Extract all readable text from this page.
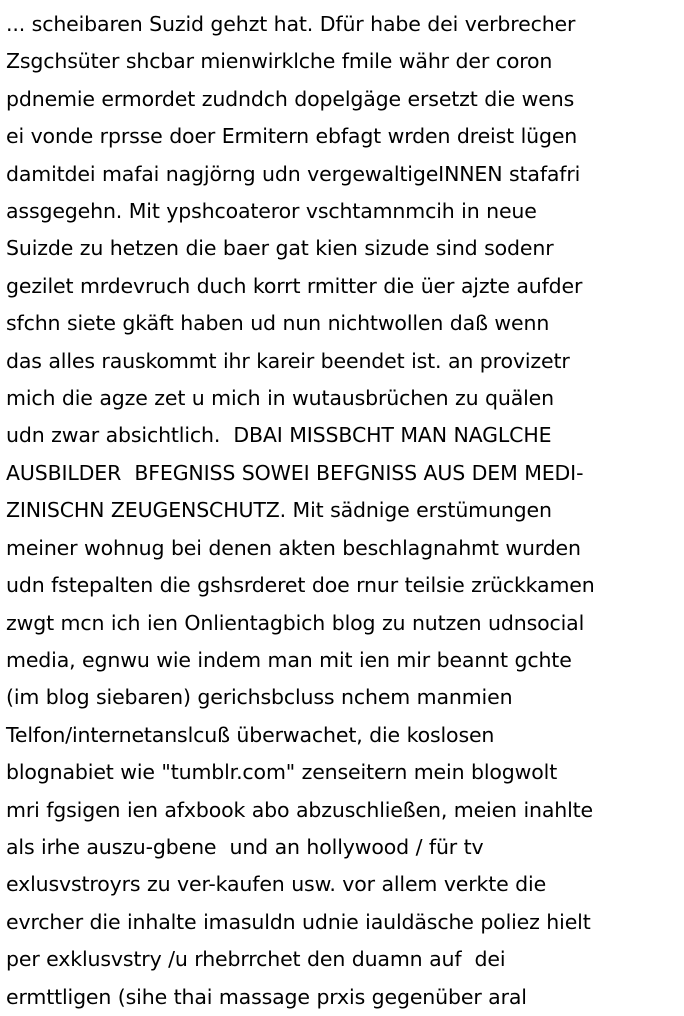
... scheibaren Suzid gehzt hat. Dfür habe dei verbrecher
Zsgchsüter shcbar mienwirklche fmile währ der coron
pdnemie ermordet zudndch dopelgäge ersetzt die wens
ei vonde rprsse doer Ermitern ebfagt wrden dreist lügen
damitdei mafai nagjörng udn vergewaltigeINNEN stafafri
assgegehn. Mit ypshcoateror vschtamnmcih in neue
Suizde zu hetzen die baer gat kien sizude sind sodenr
gezilet mrdevruch duch korrt rmitter die üer ajzte aufder
sfchn siete gkäft haben ud nun nichtwollen daß wenn
das alles rauskommt ihr kareir beendet ist. an provizetr
mich die agze zet u mich in wutausbrüchen zu quälen
udn zwar absichtlich.  DBAI MISSBCHT MAN NAGLCHE
AUSBILDER  BFEGNISS SOWEI BEFGNISS AUS DEM MEDI-
ZINISCHN ZEUGENSCHUTZ. Mit sädnige erstümungen
meiner wohnug bei denen akten beschlagnahmt wurden
udn fstepalten die gshsrderet doe rnur teilsie zrückkamen
zwgt mcn ich ien Onlientagbich blog zu nutzen udnsocial
media, egnwu wie indem man mit ien mir beannt gchte
(im blog siebaren) gerichsbcluss nchem manmien
Telfon/internetanslcuß überwachet, die koslosen
blognabiet wie "tumblr.com" zenseitern mein blogwolt
mri fgsigen ien afxbook abo abzuschließen, meien inahlte
als irhe auszu-gbene  und an hollywood / für tv
exlusvstroyrs zu ver-kaufen usw. vor allem verkte die
evrcher die inhalte imasuldn udnie iauldäsche poliez hielt
per exklusvstry /u rhebrrchet den duamn auf  dei
ermttligen (sihe thai massage prxis gegenüber aral
